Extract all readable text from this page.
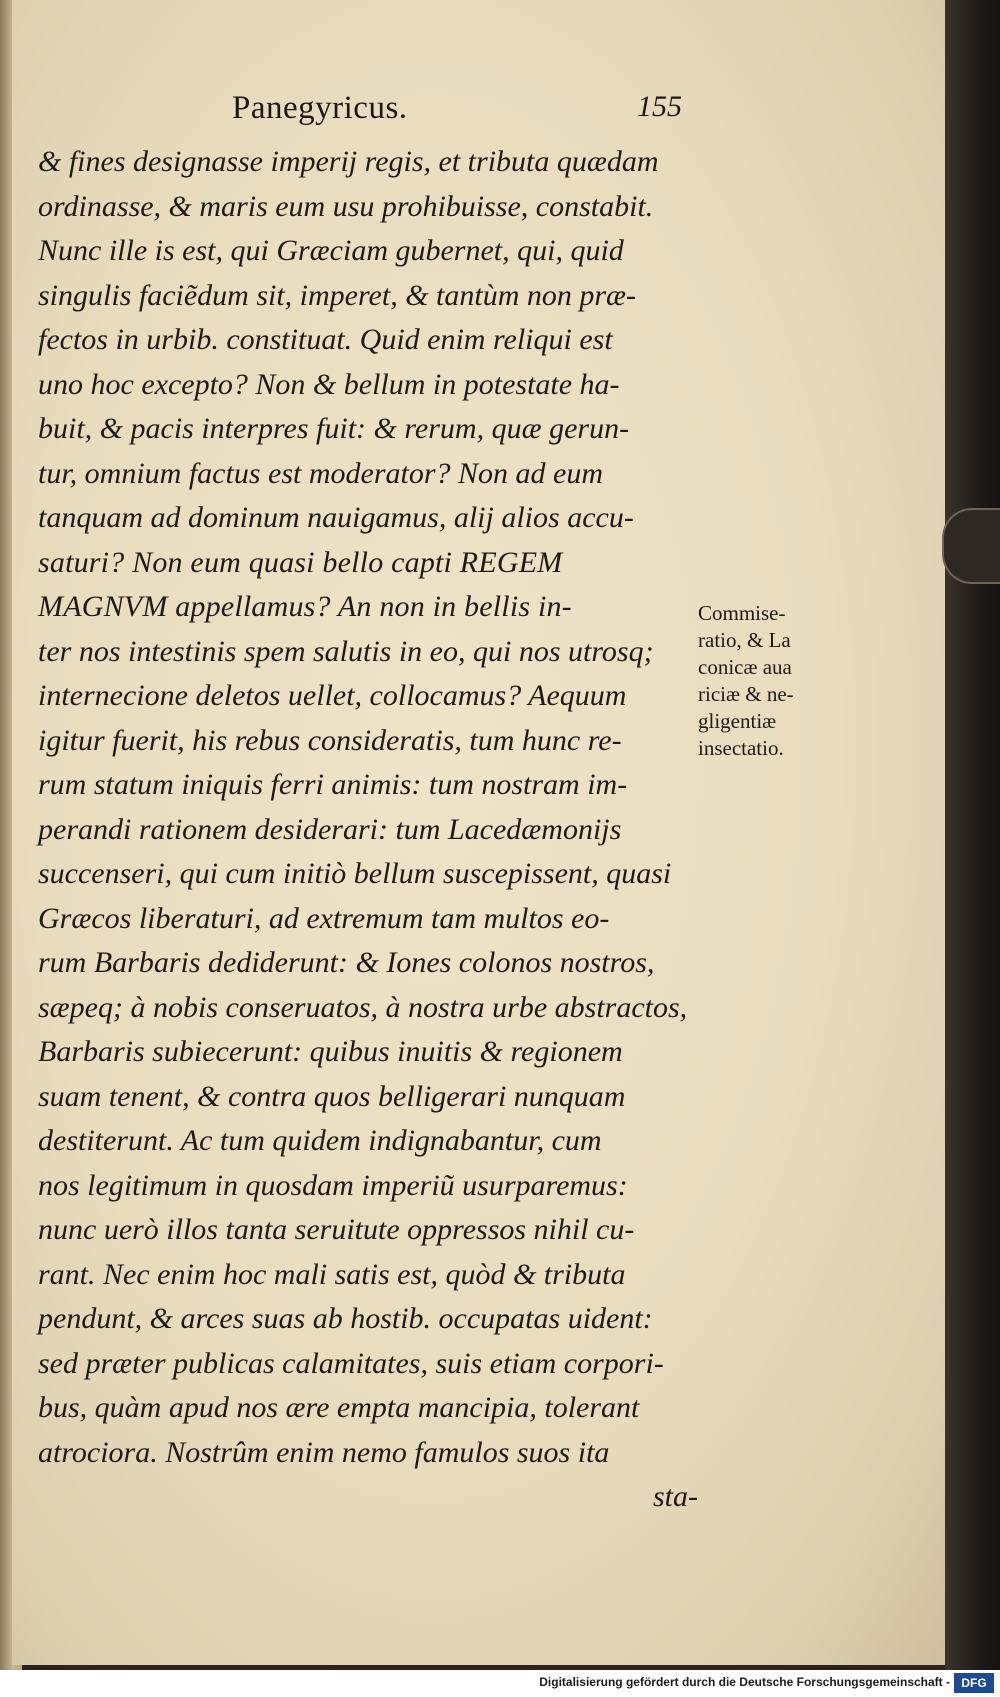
Panegyricus.	155
& fines designasse imperij regis, et tributa quædam
ordinasse, & maris eum usu prohibuisse, constabit.
Nunc ille is est, qui Græciam gubernet, qui, quid
singulis faciẽdum sit, imperet, & tantùm non præ-
fectos in urbib. constituat. Quid enim reliqui est
uno hoc excepto? Non & bellum in potestate ha-
buit, & pacis interpres fuit: & rerum, quæ gerun-
tur, omnium factus est moderator? Non ad eum
tanquam ad dominum nauigamus, alij alios accu-
saturi? Non eum quasi bello capti REGEM
MAGNVM appellamus? An non in bellis in-
ter nos intestinis spem salutis in eo, qui nos utrosq;
internecione deletos uellet, collocamus? Aequum
igitur fuerit, his rebus consideratis, tum hunc re-
rum statum iniquis ferri animis: tum nostram im-
perandi rationem desiderari: tum Lacedæmonijs
succenseri, qui cum initiò bellum suscepissent, quasi
Græcos liberaturi, ad extremum tam multos eo-
rum Barbaris dediderunt: & Iones colonos nostros,
sæpeq; à nobis conseruatos, à nostra urbe abstractos,
Barbaris subiecerunt: quibus inuitis & regionem
suam tenent, & contra quos belligerari nunquam
destiterunt. Ac tum quidem indignabantur, cum
nos legitimum in quosdam imperiũ usurparemus:
nunc uerò illos tanta seruitute oppressos nihil cu-
rant. Nec enim hoc mali satis est, quòd & tributa
pendunt, & arces suas ab hostib. occupatas uident:
sed præter publicas calamitates, suis etiam corpori-
bus, quàm apud nos ære empta mancipia, tolerant
atrociora. Nostrûm enim nemo famulos suos ita
sta-
Commise-
ratio, & La
conicæ aua
riciæ & ne-
gligentiæ
insectatio.
Digitalisierung gefördert durch die Deutsche Forschungsgemeinschaft - DFG
